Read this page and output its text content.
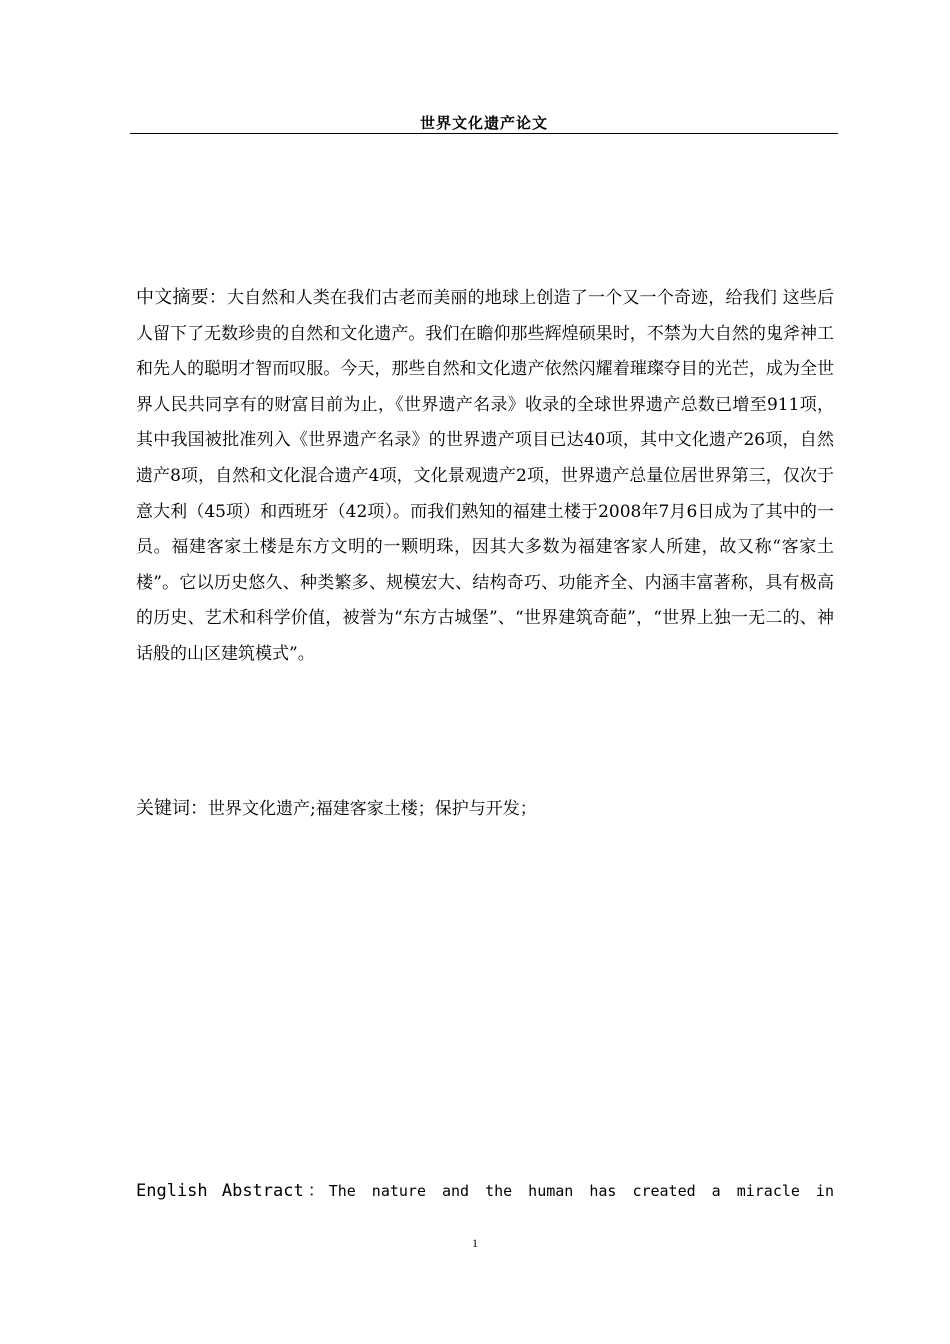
世界文化遗产论文
中文摘要：大自然和人类在我们古老而美丽的地球上创造了一个又一个奇迹，给我们 这些后人留下了无数珍贵的自然和文化遗产。我们在瞻仰那些辉煌硕果时，不禁为大自然的鬼斧神工和先人的聪明才智而叹服。今天，那些自然和文化遗产依然闪耀着璀璨夺目的光芒，成为全世界人民共同享有的财富目前为止，《世界遗产名录》收录的全球世界遗产总数已增至911项，其中我国被批准列入《世界遗产名录》的世界遗产项目已达40项，其中文化遗产26项，自然遗产8项，自然和文化混合遗产4项，文化景观遗产2项，世界遗产总量位居世界第三，仅次于意大利（45项）和西班牙（42项）。而我们熟知的福建土楼于2008年7月6日成为了其中的一员。福建客家土楼是东方文明的一颗明珠，因其大多数为福建客家人所建，故又称“客家土楼”。它以历史悠久、种类繁多、规模宏大、结构奇巧、功能齐全、内涵丰富著称，具有极高的历史、艺术和科学价值，被誉为“东方古城堡”、“世界建筑奇葩”，“世界上独一无二的、神话般的山区建筑模式”。
关键词：世界文化遗产;福建客家土楼；保护与开发；
English Abstract：The nature and the human has created a miracle in
1
